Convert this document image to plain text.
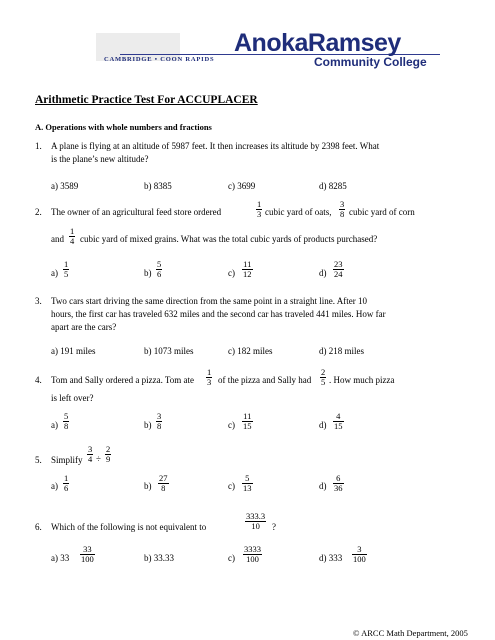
CAMBRIDGE • COON RAPIDS
AnokaRamsey
Community College
Arithmetic Practice Test For ACCUPLACER
A. Operations with whole numbers and fractions
1. A plane is flying at an altitude of 5987 feet. It then increases its altitude by 2398 feet. What
is the plane’s new altitude?
a) 3589	b) 8385	c) 3699	d) 8285
2. The owner of an agricultural feed store ordered	$\frac{1}{3}$ cubic yard of oats, $\frac{3}{8}$ cubic yard of corn
and $\frac{1}{4}$ cubic yard of mixed grains. What was the total cubic yards of products purchased?
$a) \frac{1}{5}$	$b) \frac{5}{6}$	$c) \frac{11}{12}$	$d) \frac{23}{24}$
3. Two cars start driving the same direction from the same point in a straight line. After 10
hours, the first car has traveled 632 miles and the second car has traveled 441 miles. How far
apart are the cars?
a) 191 miles	b) 1073 miles	c) 182 miles	d) 218 miles
4. Tom and Sally ordered a pizza. Tom ate $\frac{1}{3}$ of the pizza and Sally had $\frac{2}{5}$ . How much pizza
is left over?
$a) \frac{5}{8}$	$b) \frac{3}{8}$	$c) \frac{11}{15}$	$d) \frac{4}{15}$
5. Simplify $\frac{3}{4} \div \frac{2}{9}$
$a) \frac{1}{6}$	$b) \frac{27}{8}$	$c) \frac{5}{13}$	$d) \frac{6}{36}$
6. Which of the following is not equivalent to	$\frac{333.3}{10}$ ?
a) $33 \frac{33}{100}$	b) 33.33	$c) \frac{3333}{100}$	d) $333 \frac{3}{100}$
© ARCC Math Department, 2005
